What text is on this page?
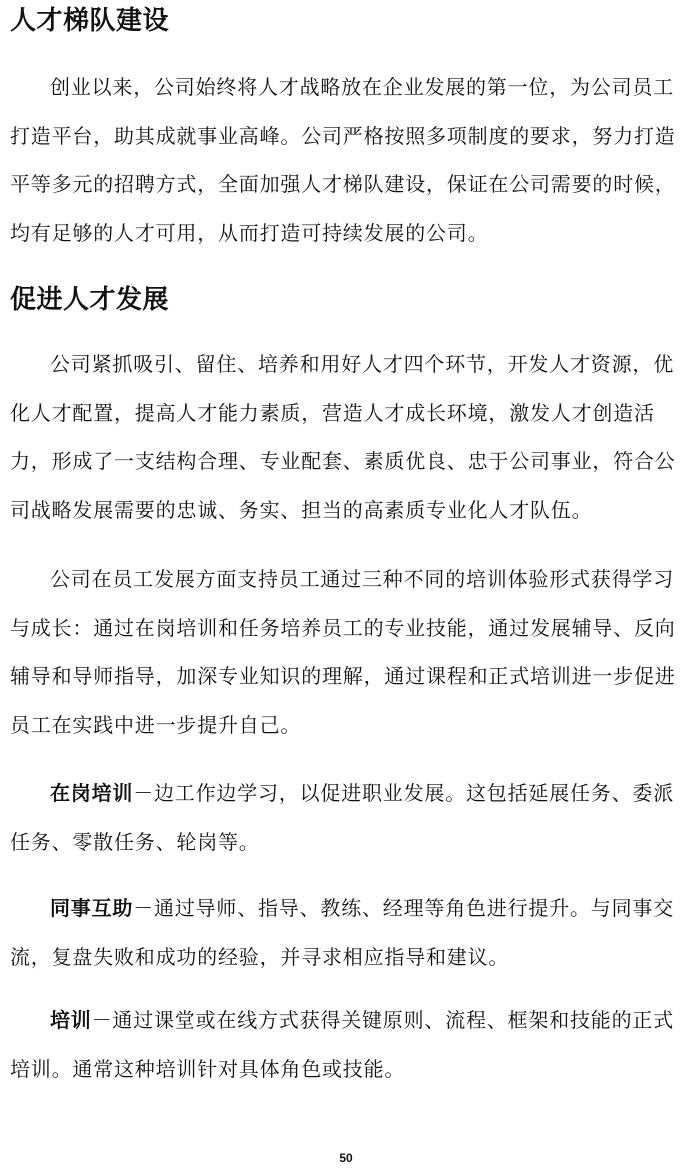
人才梯队建设

创业以来，公司始终将人才战略放在企业发展的第一位，为公司员工打造平台，助其成就事业高峰。公司严格按照多项制度的要求，努力打造平等多元的招聘方式，全面加强人才梯队建设，保证在公司需要的时候，均有足够的人才可用，从而打造可持续发展的公司。

促进人才发展

公司紧抓吸引、留住、培养和用好人才四个环节，开发人才资源，优化人才配置，提高人才能力素质，营造人才成长环境，激发人才创造活力，形成了一支结构合理、专业配套、素质优良、忠于公司事业，符合公司战略发展需要的忠诚、务实、担当的高素质专业化人才队伍。

公司在员工发展方面支持员工通过三种不同的培训体验形式获得学习与成长：通过在岗培训和任务培养员工的专业技能，通过发展辅导、反向辅导和导师指导，加深专业知识的理解，通过课程和正式培训进一步促进员工在实践中进一步提升自己。

在岗培训－边工作边学习，以促进职业发展。这包括延展任务、委派任务、零散任务、轮岗等。

同事互助－通过导师、指导、教练、经理等角色进行提升。与同事交流，复盘失败和成功的经验，并寻求相应指导和建议。

培训－通过课堂或在线方式获得关键原则、流程、框架和技能的正式培训。通常这种培训针对具体角色或技能。

50
